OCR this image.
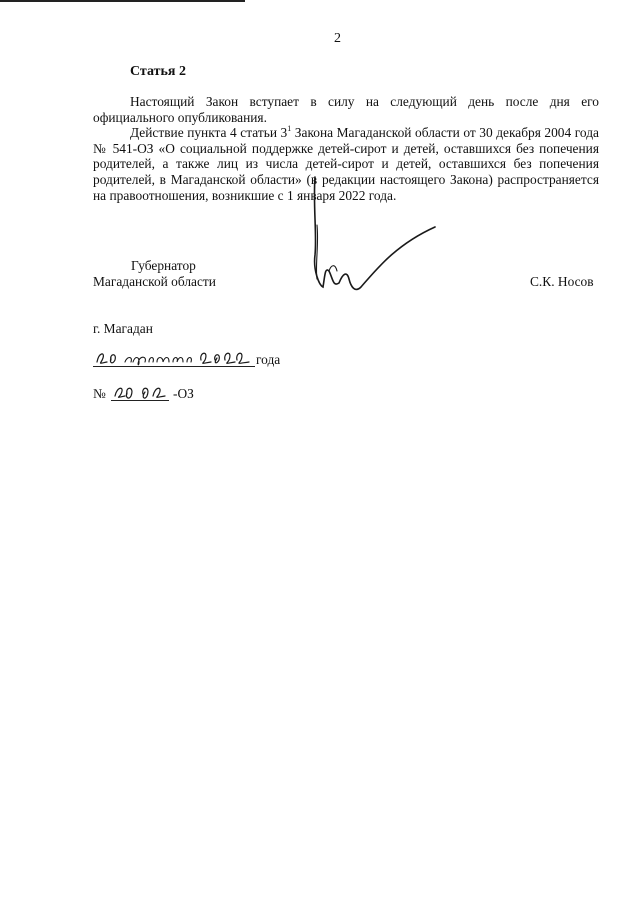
2
Статья 2

Настоящий Закон вступает в силу на следующий день после дня его официального опубликования.

Действие пункта 4 статьи $3^1$ Закона Магаданской области от 30 декабря 2004 года № 541-ОЗ «О социальной поддержке детей-сирот и детей, оставшихся без попечения родителей, а также лиц из числа детей-сирот и детей, оставшихся без попечения родителей, в Магаданской области» (в редакции настоящего Закона) распространяется на правоотношения, возникшие с 1 января 2022 года.

Губернатор
Магаданской области	С.К. Носов
г. Магадан
года
№	-ОЗ
